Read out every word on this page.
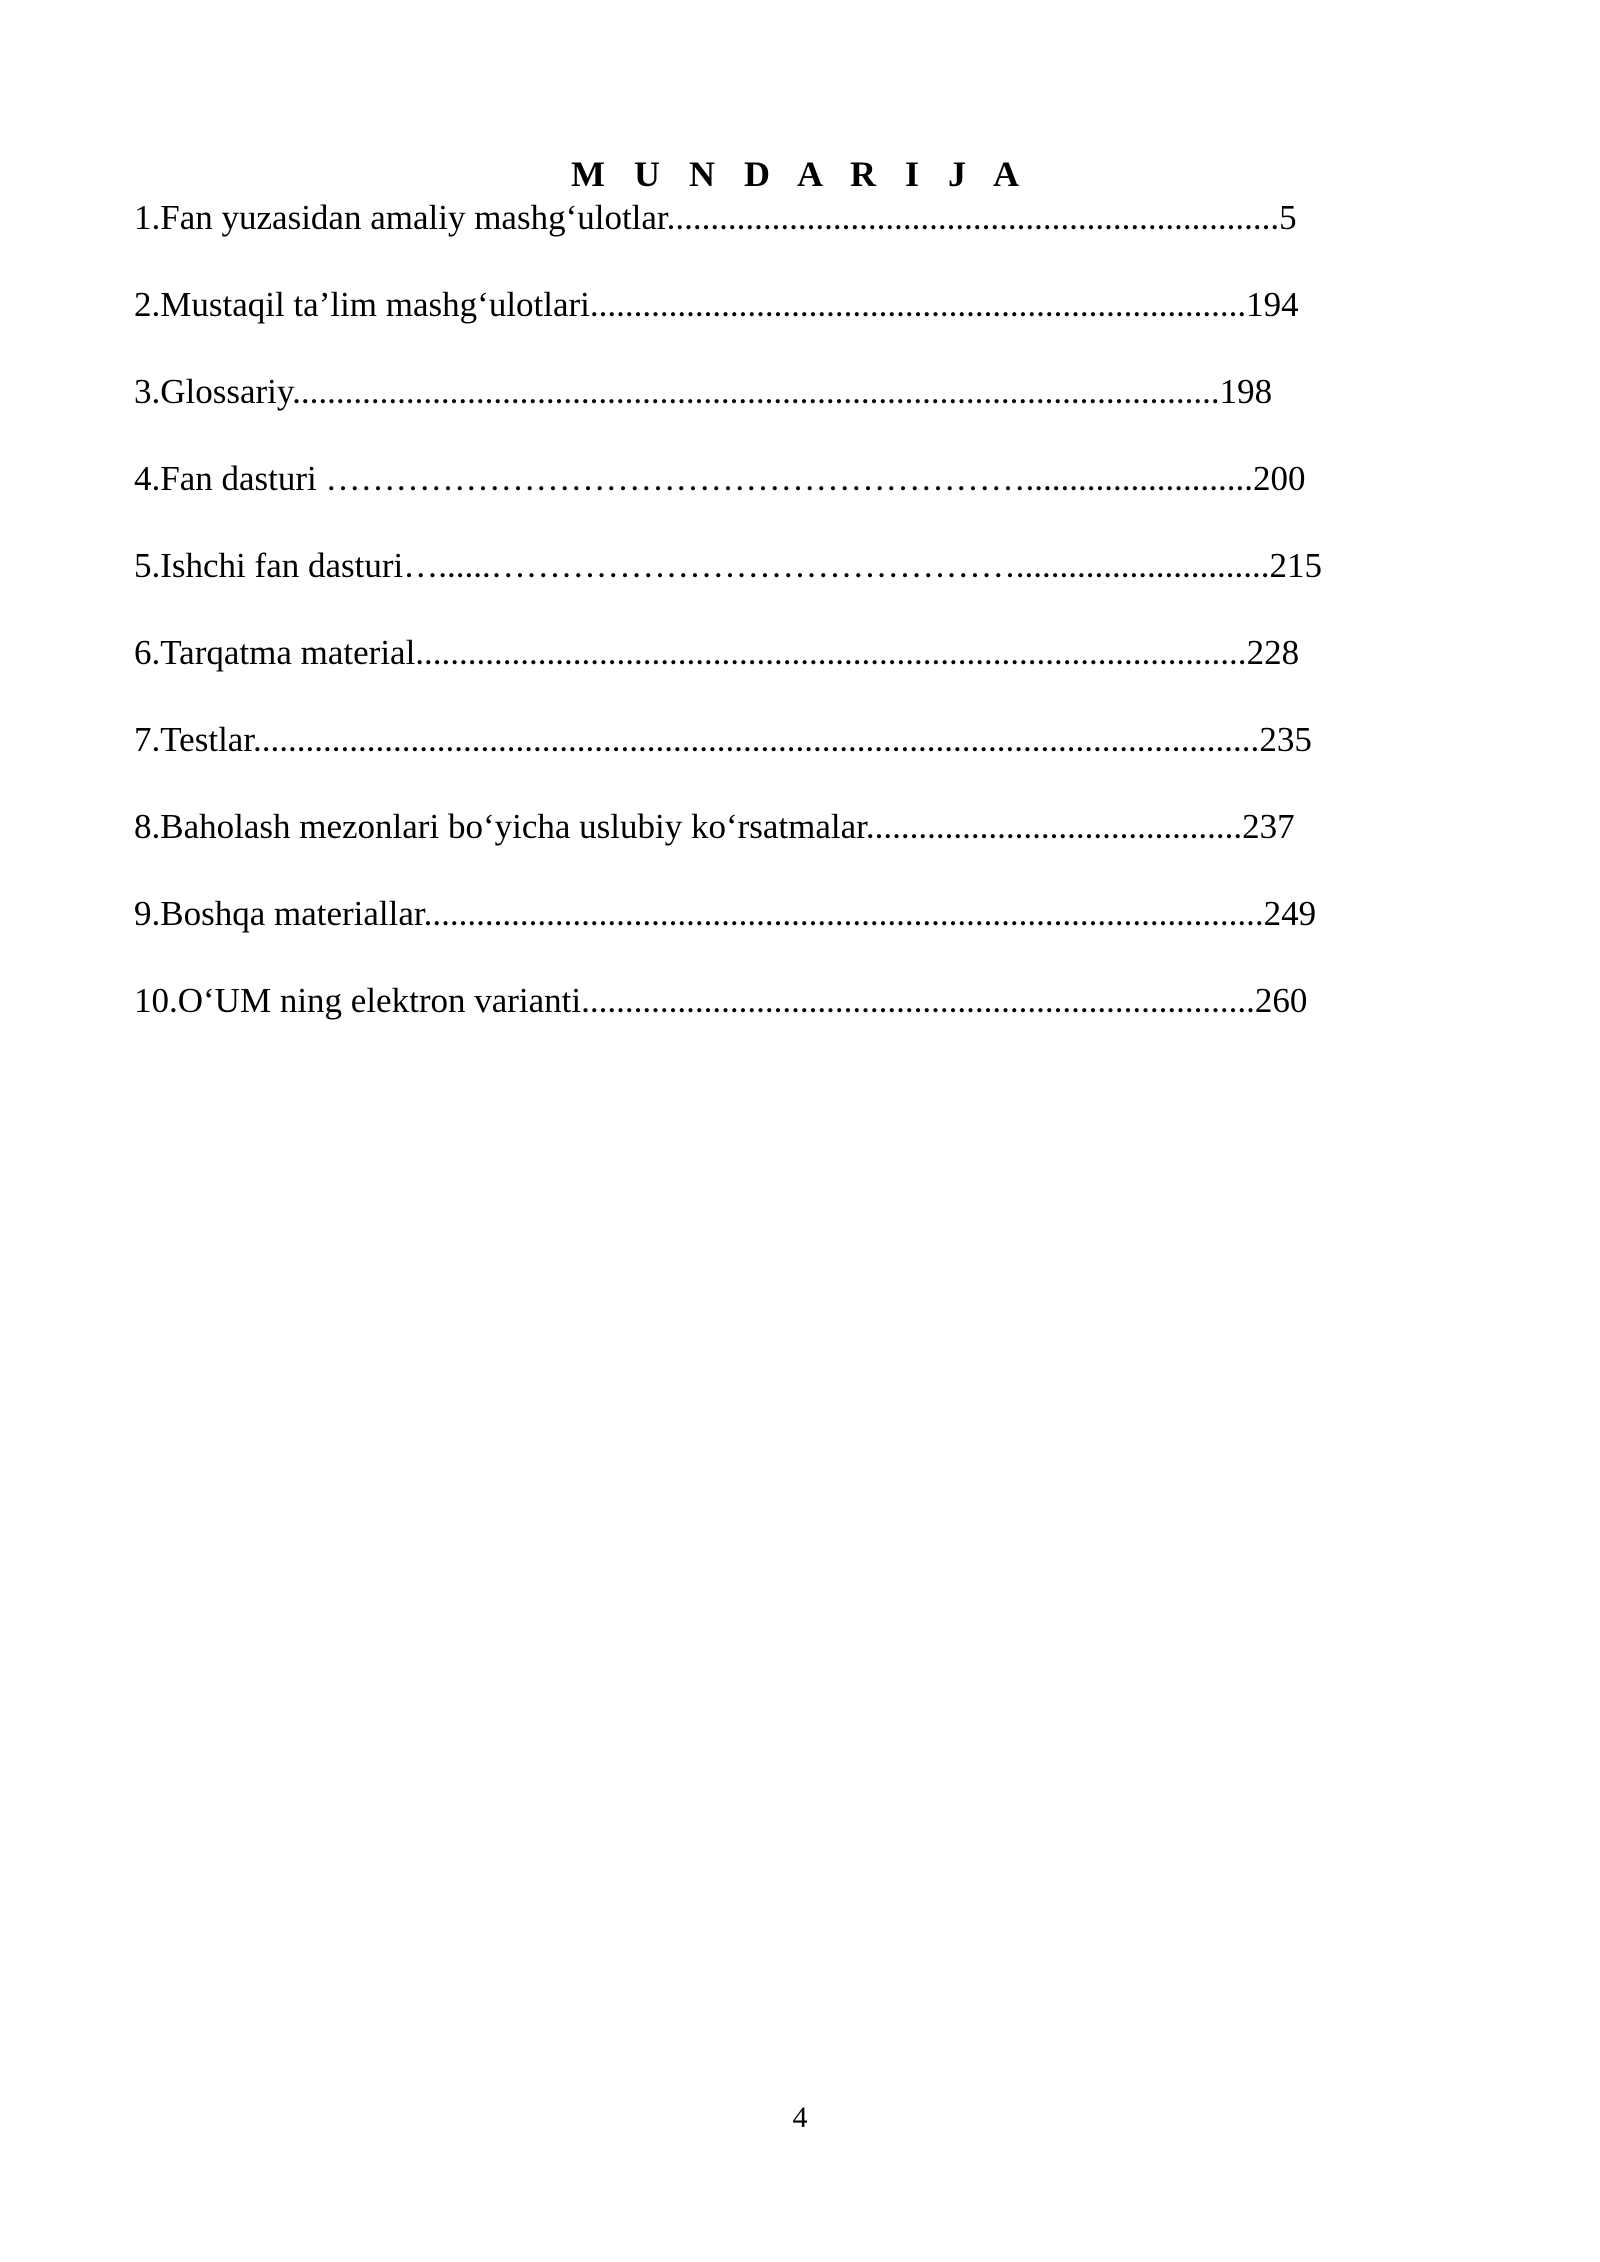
M U N D A R I J A
1.Fan yuzasidan amaliy mashg‘ulotlar...................................................................... 5
2.Mustaqil ta’lim mashg‘ulotlari........................................................................... 194
3.Glossariy.......................................................................................................... 198
4.Fan dasturi …………………………………………………….......................... 200
5.Ishchi fan dasturi…......………………………………………............................. 215
6.Tarqatma material............................................................................................... 228
7.Testlar................................................................................................................... 235
8.Baholash mezonlari bo‘yicha uslubiy ko‘rsatmalar........................................... 237
9.Boshqa materiallar................................................................................................ 249
10.O‘UM ning elektron varianti............................................................................. 260
4
